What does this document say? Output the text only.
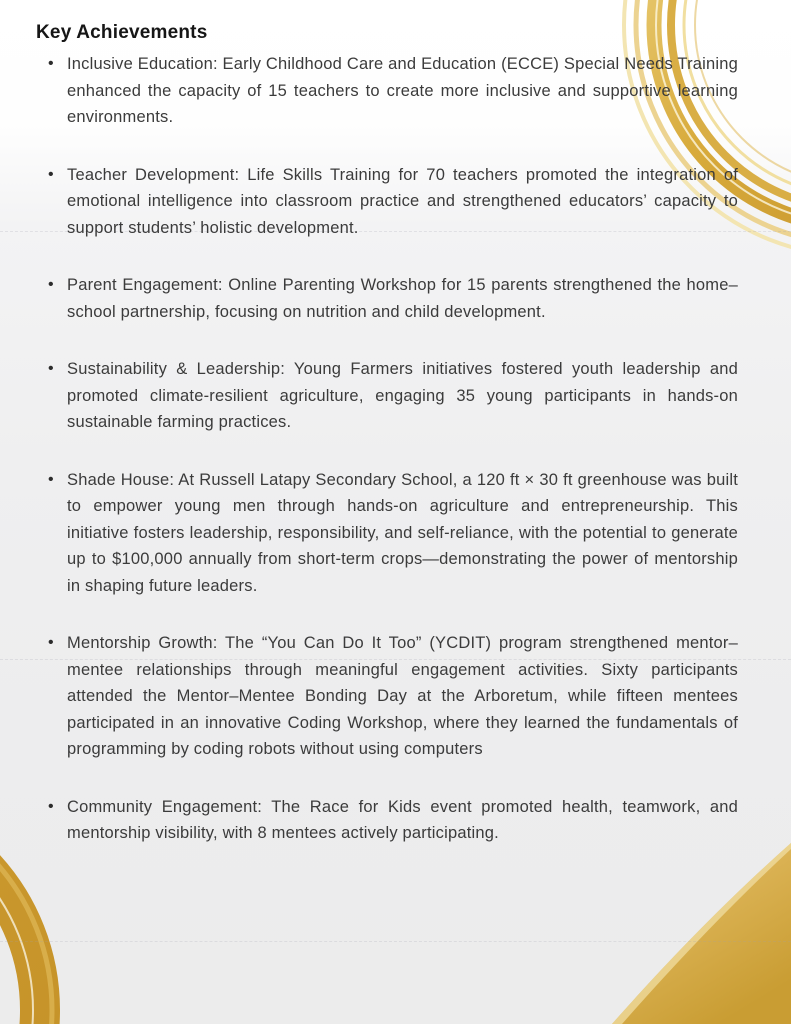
Key Achievements
•
Inclusive Education: Early Childhood Care and Education (ECCE) Special Needs Training enhanced the capacity of 15 teachers to create more inclusive and supportive learning environments.
•
Teacher Development: Life Skills Training for 70 teachers promoted the integration of emotional intelligence into classroom practice and strengthened educators’ capacity to support students’ holistic development.
•
Parent Engagement: Online Parenting Workshop for 15 parents strengthened the home–school partnership, focusing on nutrition and child development.
•
Sustainability & Leadership: Young Farmers initiatives fostered youth leadership and promoted climate-resilient agriculture, engaging 35 young participants in hands-on sustainable farming practices.
•
Shade House: At Russell Latapy Secondary School, a 120 ft × 30 ft greenhouse was built to empower young men through hands-on agriculture and entrepreneurship. This initiative fosters leadership, responsibility, and self-reliance, with the potential to generate up to $100,000 annually from short-term crops—demonstrating the power of mentorship in shaping future leaders.
•
Mentorship Growth: The “You Can Do It Too” (YCDIT) program strengthened mentor–mentee relationships through meaningful engagement activities. Sixty participants attended the Mentor–Mentee Bonding Day at the Arboretum, while fifteen mentees participated in an innovative Coding Workshop, where they learned the fundamentals of programming by coding robots without using computers
•
Community Engagement: The Race for Kids event promoted health, teamwork, and mentorship visibility, with 8 mentees actively participating.
